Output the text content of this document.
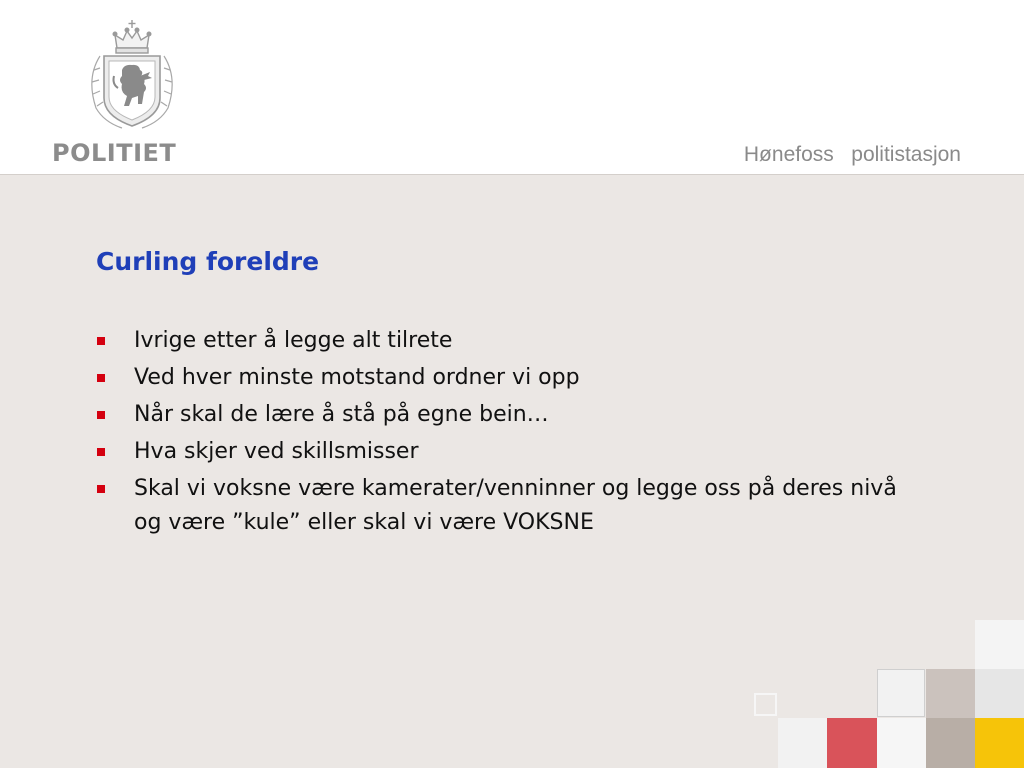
POLITIET	Hønefoss   politistasjon
Curling foreldre
Ivrige etter å legge alt tilrete
Ved hver minste motstand ordner vi opp
Når skal de lære å stå på egne bein…
Hva skjer ved skillsmisser
Skal vi voksne være kamerater/venninner og legge oss på deres nivå og være ”kule” eller skal vi være VOKSNE
